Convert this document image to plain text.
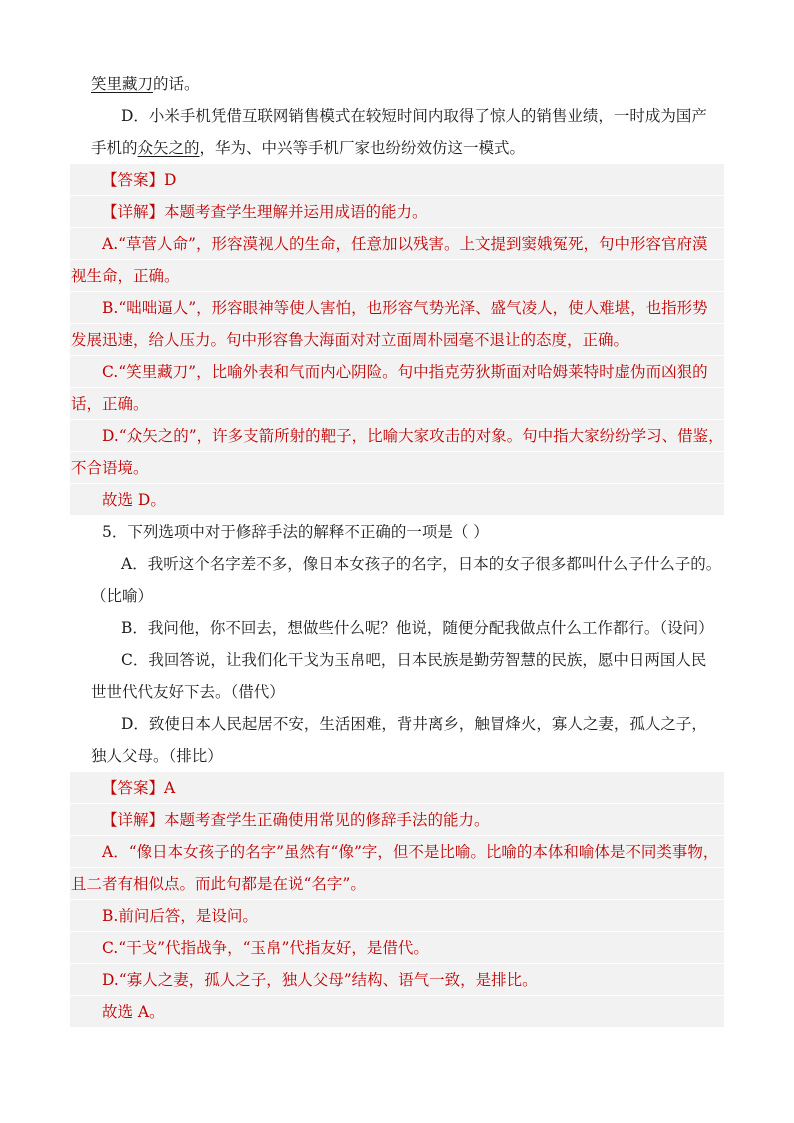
笑里藏刀的话。
D．小米手机凭借互联网销售模式在较短时间内取得了惊人的销售业绩，一时成为国产
手机的众矢之的，华为、中兴等手机厂家也纷纷效仿这一模式。
【答案】D
【详解】本题考查学生理解并运用成语的能力。
A.“草菅人命”，形容漠视人的生命，任意加以残害。上文提到窦娥冤死，句中形容官府漠
视生命，正确。
B.“咄咄逼人”，形容眼神等使人害怕，也形容气势光泽、盛气凌人，使人难堪，也指形势
发展迅速，给人压力。句中形容鲁大海面对对立面周朴园毫不退让的态度，正确。
C.“笑里藏刀”，比喻外表和气而内心阴险。句中指克劳狄斯面对哈姆莱特时虚伪而凶狠的
话，正确。
D.“众矢之的”，许多支箭所射的靶子，比喻大家攻击的对象。句中指大家纷纷学习、借鉴，
不合语境。
故选 D。
5．下列选项中对于修辞手法的解释不正确的一项是（ ）
A．我听这个名字差不多，像日本女孩子的名字，日本的女子很多都叫什么子什么子的。
（比喻）
B．我问他，你不回去，想做些什么呢？他说，随便分配我做点什么工作都行。（设问）
C．我回答说，让我们化干戈为玉帛吧，日本民族是勤劳智慧的民族，愿中日两国人民
世世代代友好下去。（借代）
D．致使日本人民起居不安，生活困难，背井离乡，触冒烽火，寡人之妻，孤人之子，
独人父母。（排比）
【答案】A
【详解】本题考查学生正确使用常见的修辞手法的能力。
A．“像日本女孩子的名字”虽然有“像”字，但不是比喻。比喻的本体和喻体是不同类事物，
且二者有相似点。而此句都是在说“名字”。
B.前问后答，是设问。
C.“干戈”代指战争，“玉帛”代指友好，是借代。
D.“寡人之妻，孤人之子，独人父母”结构、语气一致，是排比。
故选 A。
